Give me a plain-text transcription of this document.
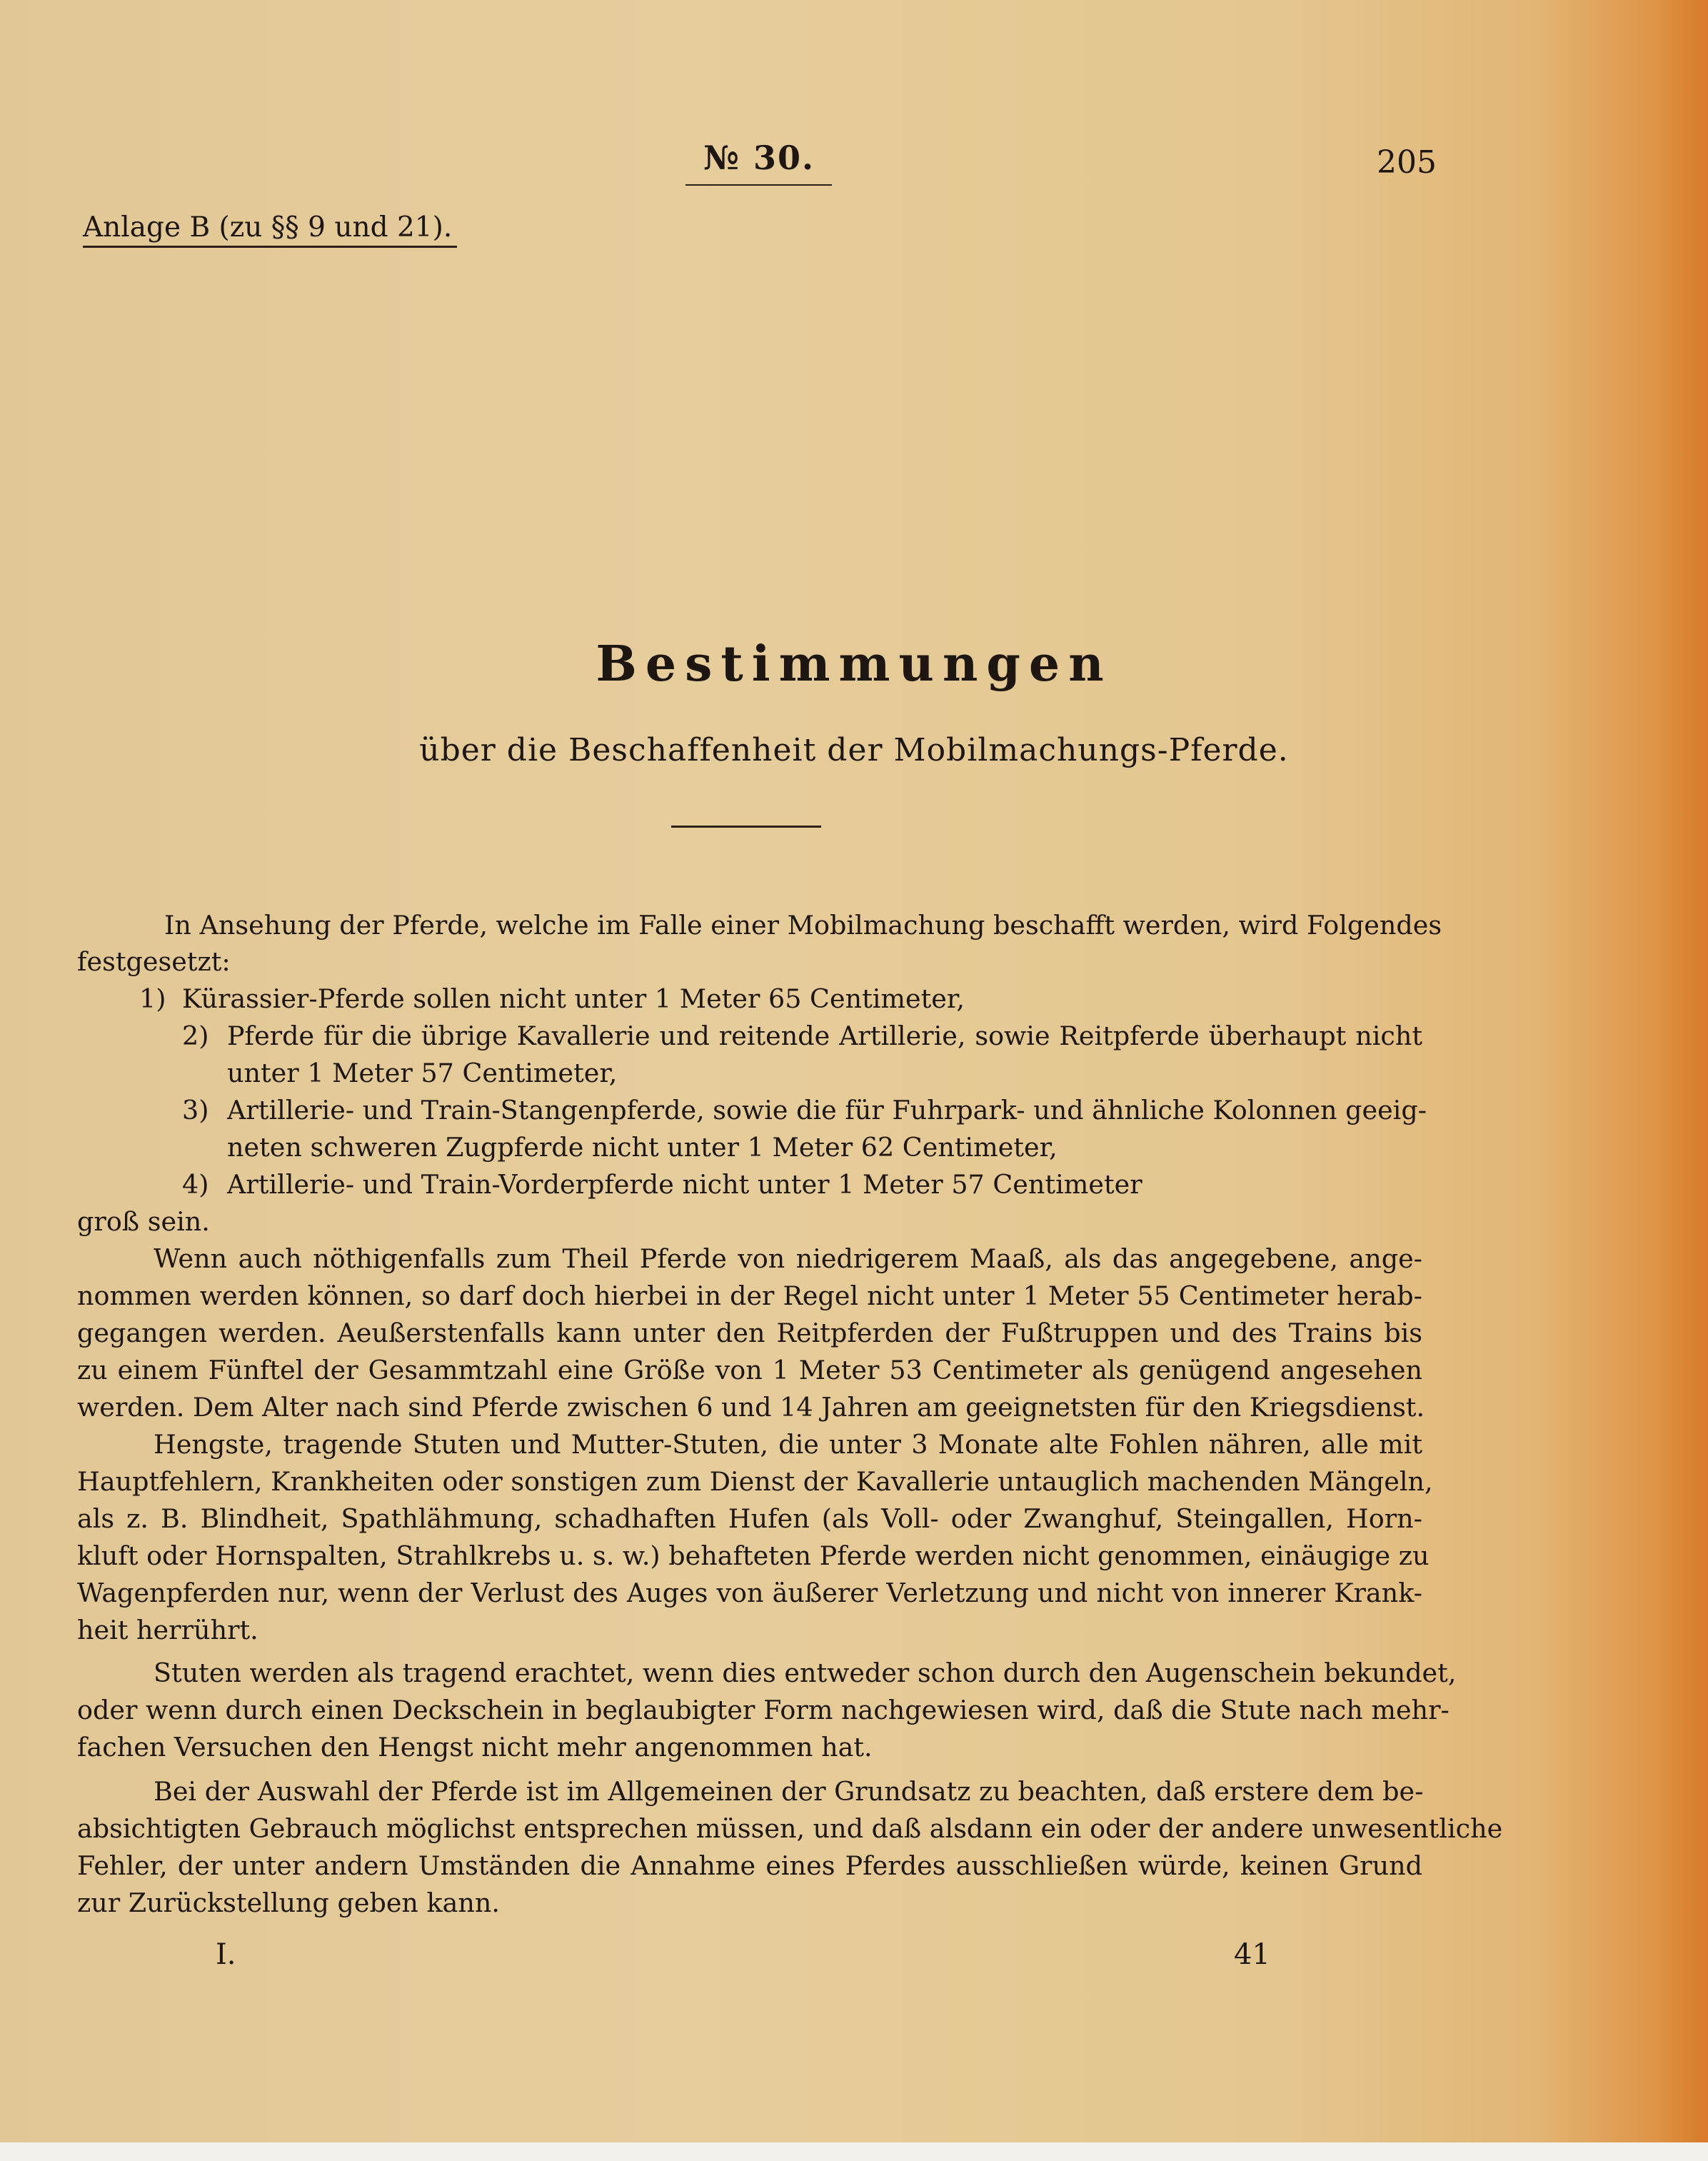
№ 30.	205
Anlage B (zu §§ 9 und 21).
Bestimmungen
über die Beschaffenheit der Mobilmachungs-Pferde.
In Ansehung der Pferde, welche im Falle einer Mobilmachung beschafft werden, wird Folgendes
festgesetzt:
1) Kürassier-Pferde sollen nicht unter 1 Meter 65 Centimeter,
2) Pferde für die übrige Kavallerie und reitende Artillerie, sowie Reitpferde überhaupt nicht
unter 1 Meter 57 Centimeter,
3) Artillerie- und Train-Stangenpferde, sowie die für Fuhrpark- und ähnliche Kolonnen geeig-
neten schweren Zugpferde nicht unter 1 Meter 62 Centimeter,
4) Artillerie- und Train-Vorderpferde nicht unter 1 Meter 57 Centimeter
groß sein.
Wenn auch nöthigenfalls zum Theil Pferde von niedrigerem Maaß, als das angegebene, ange-
nommen werden können, so darf doch hierbei in der Regel nicht unter 1 Meter 55 Centimeter herab-
gegangen werden. Aeußerstenfalls kann unter den Reitpferden der Fußtruppen und des Trains bis
zu einem Fünftel der Gesammtzahl eine Größe von 1 Meter 53 Centimeter als genügend angesehen
werden. Dem Alter nach sind Pferde zwischen 6 und 14 Jahren am geeignetsten für den Kriegsdienst.
Hengste, tragende Stuten und Mutter-Stuten, die unter 3 Monate alte Fohlen nähren, alle mit
Hauptfehlern, Krankheiten oder sonstigen zum Dienst der Kavallerie untauglich machenden Mängeln,
als z. B. Blindheit, Spathlähmung, schadhaften Hufen (als Voll- oder Zwanghuf, Steingallen, Horn-
kluft oder Hornspalten, Strahlkrebs u. s. w.) behafteten Pferde werden nicht genommen, einäugige zu
Wagenpferden nur, wenn der Verlust des Auges von äußerer Verletzung und nicht von innerer Krank-
heit herrührt.
Stuten werden als tragend erachtet, wenn dies entweder schon durch den Augenschein bekundet,
oder wenn durch einen Deckschein in beglaubigter Form nachgewiesen wird, daß die Stute nach mehr-
fachen Versuchen den Hengst nicht mehr angenommen hat.
Bei der Auswahl der Pferde ist im Allgemeinen der Grundsatz zu beachten, daß erstere dem be-
absichtigten Gebrauch möglichst entsprechen müssen, und daß alsdann ein oder der andere unwesentliche
Fehler, der unter andern Umständen die Annahme eines Pferdes ausschließen würde, keinen Grund
zur Zurückstellung geben kann.
I.	41
